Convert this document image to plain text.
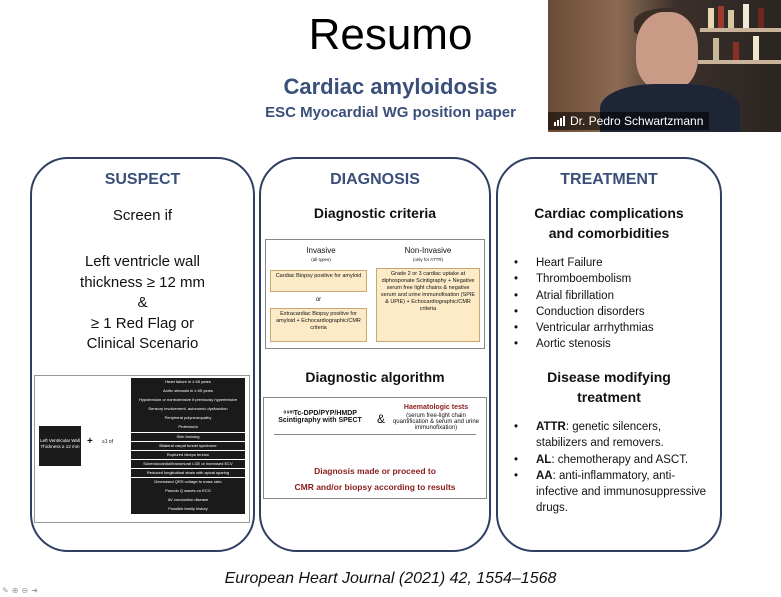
Resumo
Cardiac amyloidosis
ESC Myocardial WG position paper	Dr. Pedro Schwartzmann
SUSPECT
Screen if
Left ventricle wall
thickness ≥ 12 mm
&
≥ 1 Red Flag or
Clinical Scenario
Left Ventricular Wall Thickness ≥ 12 mm + ≥1 of
Heart failure in ≥ 65 years
Aortic stenosis in ≥ 65 years
Hypotension or normotensive if previously hypertensive
Sensory involvement, autonomic dysfunction
Peripheral polyneuropathy
Proteinuria
Skin bruising
Bilateral carpal tunnel syndrome
Ruptured biceps tendon
Subendocardial/transmural LGE or increased ECV
Reduced longitudinal strain with apical sparing
Decreased QRS voltage to mass ratio
Pseudo Q waves on ECG
AV conduction disease
Possible family history
DIAGNOSIS
Diagnostic criteria
Invasive
(all types)
Non-Invasive
(only for ATTR)
Cardiac Biopsy positive for amyloid
or
Extracardiac Biopsy positive for amyloid + Echocardiographic/CMR criteria
Grade 2 or 3 cardiac uptake at diphosponate Scintigraphy + Negative serum free light chains & negative serum and urine immunofixation (SPIE & UPIE) + Echocardiographic/CMR criteria
Diagnostic algorithm
⁹⁹ᵐTc-DPD/PYP/HMDP Scintigraphy with SPECT	&
Haematologic tests
(serum free-light chain quantification & serum and urine immunofixation)
Diagnosis made or proceed to
CMR and/or biopsy according to results
TREATMENT
Cardiac complications
and comorbidities
• Heart Failure
• Thromboembolism
• Atrial fibrillation
• Conduction disorders
• Ventricular arrhythmias
• Aortic stenosis
Disease modifying
treatment
• ATTR: genetic silencers, stabilizers and removers.
• AL: chemotherapy and ASCT.
• AA: anti-inflammatory, anti-infective and immunosuppressive drugs.
European Heart Journal (2021) 42, 1554–1568
✎ ⊕ ⊖ ➜
